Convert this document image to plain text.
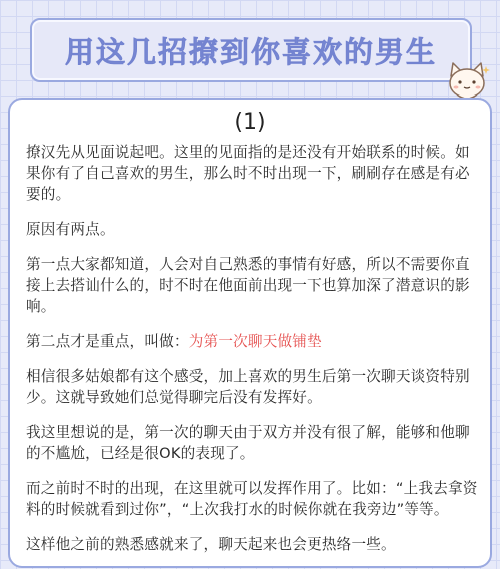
用这几招撩到你喜欢的男生
(1)

撩汉先从见面说起吧。这里的见面指的是还没有开始联系的时候。如果你有了自己喜欢的男生，那么时不时出现一下，刷刷存在感是有必要的。

原因有两点。

第一点大家都知道，人会对自己熟悉的事情有好感，所以不需要你直接上去搭讪什么的，时不时在他面前出现一下也算加深了潜意识的影响。

第二点才是重点，叫做：为第一次聊天做铺垫

相信很多姑娘都有这个感受，加上喜欢的男生后第一次聊天谈资特别少。这就导致她们总觉得聊完后没有发挥好。

我这里想说的是，第一次的聊天由于双方并没有很了解，能够和他聊的不尴尬，已经是很OK的表现了。

而之前时不时的出现，在这里就可以发挥作用了。比如：“上我去拿资料的时候就看到过你”，“上次我打水的时候你就在我旁边”等等。

这样他之前的熟悉感就来了，聊天起来也会更热络一些。
